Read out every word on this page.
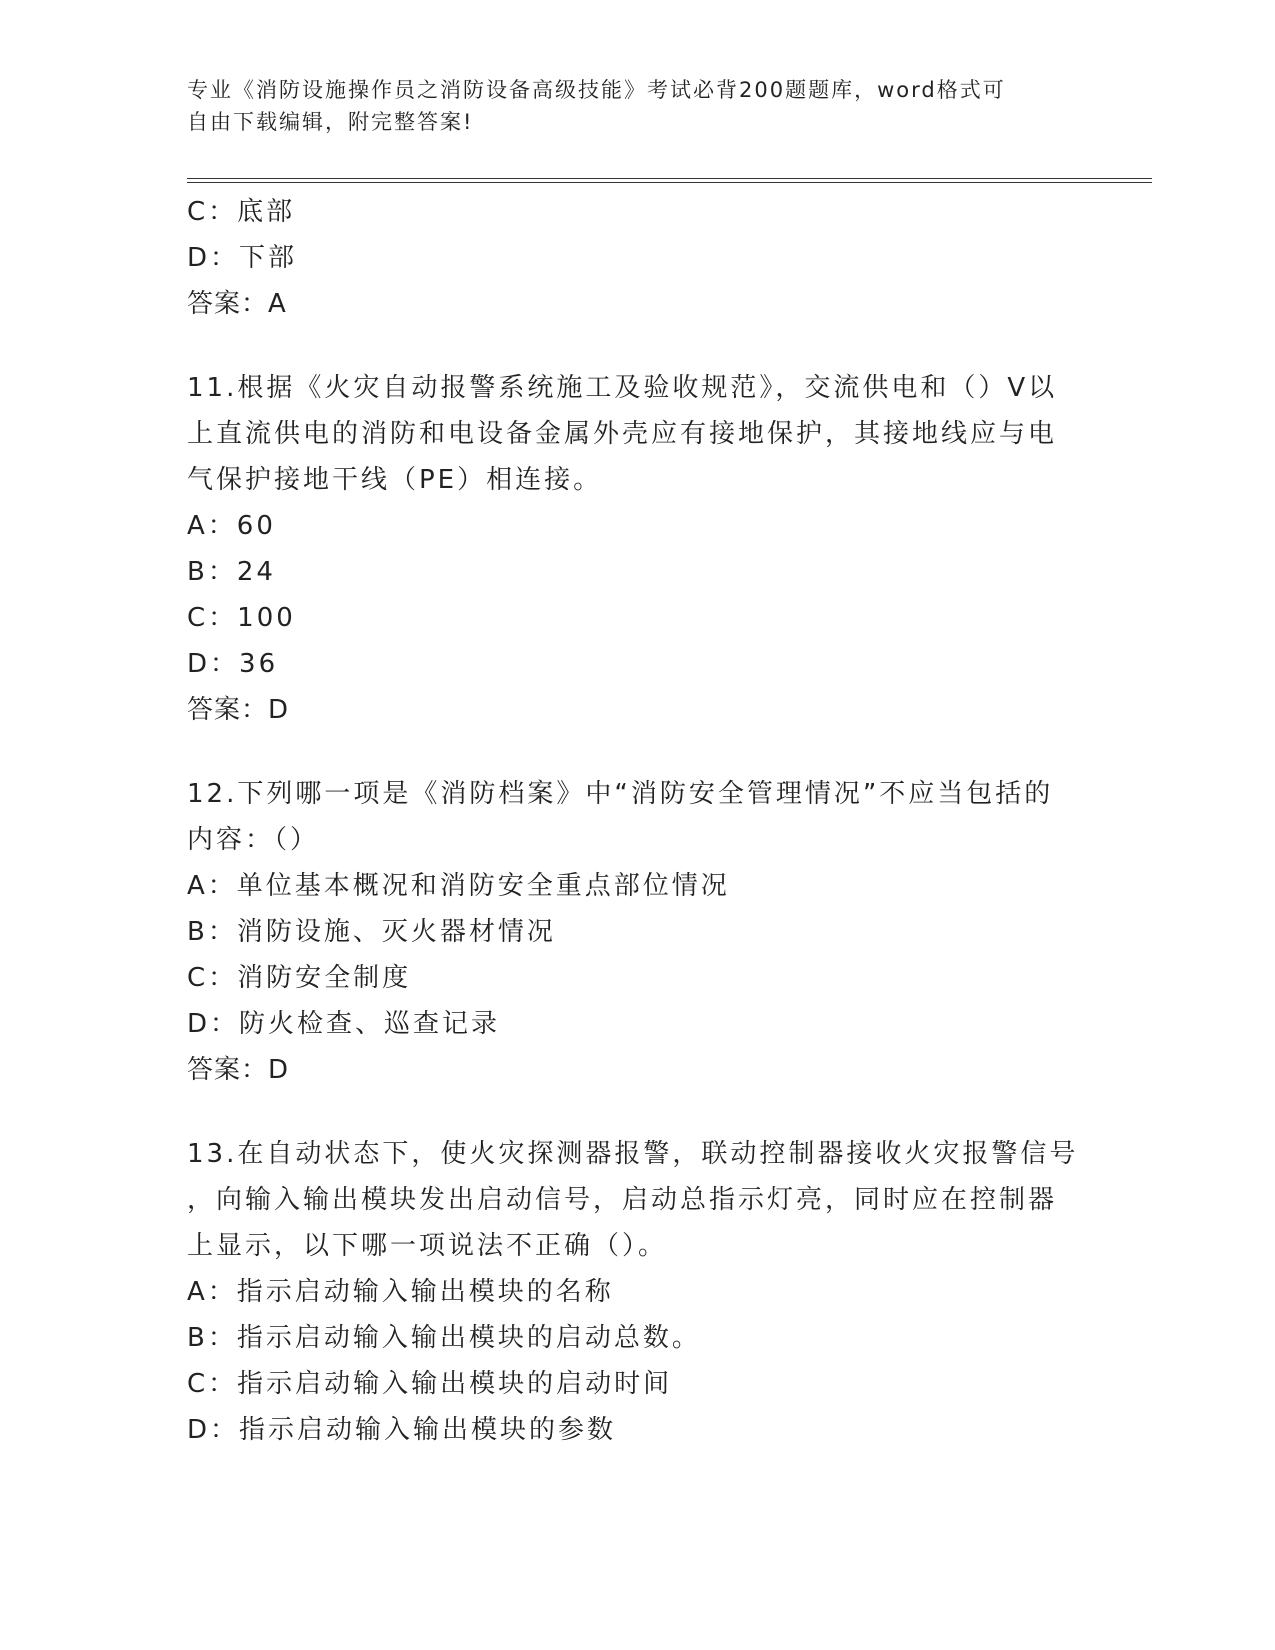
专业《消防设施操作员之消防设备高级技能》考试必背200题题库，word格式可
自由下载编辑，附完整答案!
C：底部
D：下部
答案：A
11.根据《火灾自动报警系统施工及验收规范》，交流供电和（）V以
上直流供电的消防和电设备金属外壳应有接地保护，其接地线应与电
气保护接地干线（PE）相连接。
A：60
B：24
C：100
D：36
答案：D
12.下列哪一项是《消防档案》中“消防安全管理情况”不应当包括的
内容：（）
A：单位基本概况和消防安全重点部位情况
B：消防设施、灭火器材情况
C：消防安全制度
D：防火检查、巡查记录
答案：D
13.在自动状态下，使火灾探测器报警，联动控制器接收火灾报警信号
，向输入输出模块发出启动信号，启动总指示灯亮，同时应在控制器
上显示，以下哪一项说法不正确（）。
A：指示启动输入输出模块的名称
B：指示启动输入输出模块的启动总数。
C：指示启动输入输出模块的启动时间
D：指示启动输入输出模块的参数
